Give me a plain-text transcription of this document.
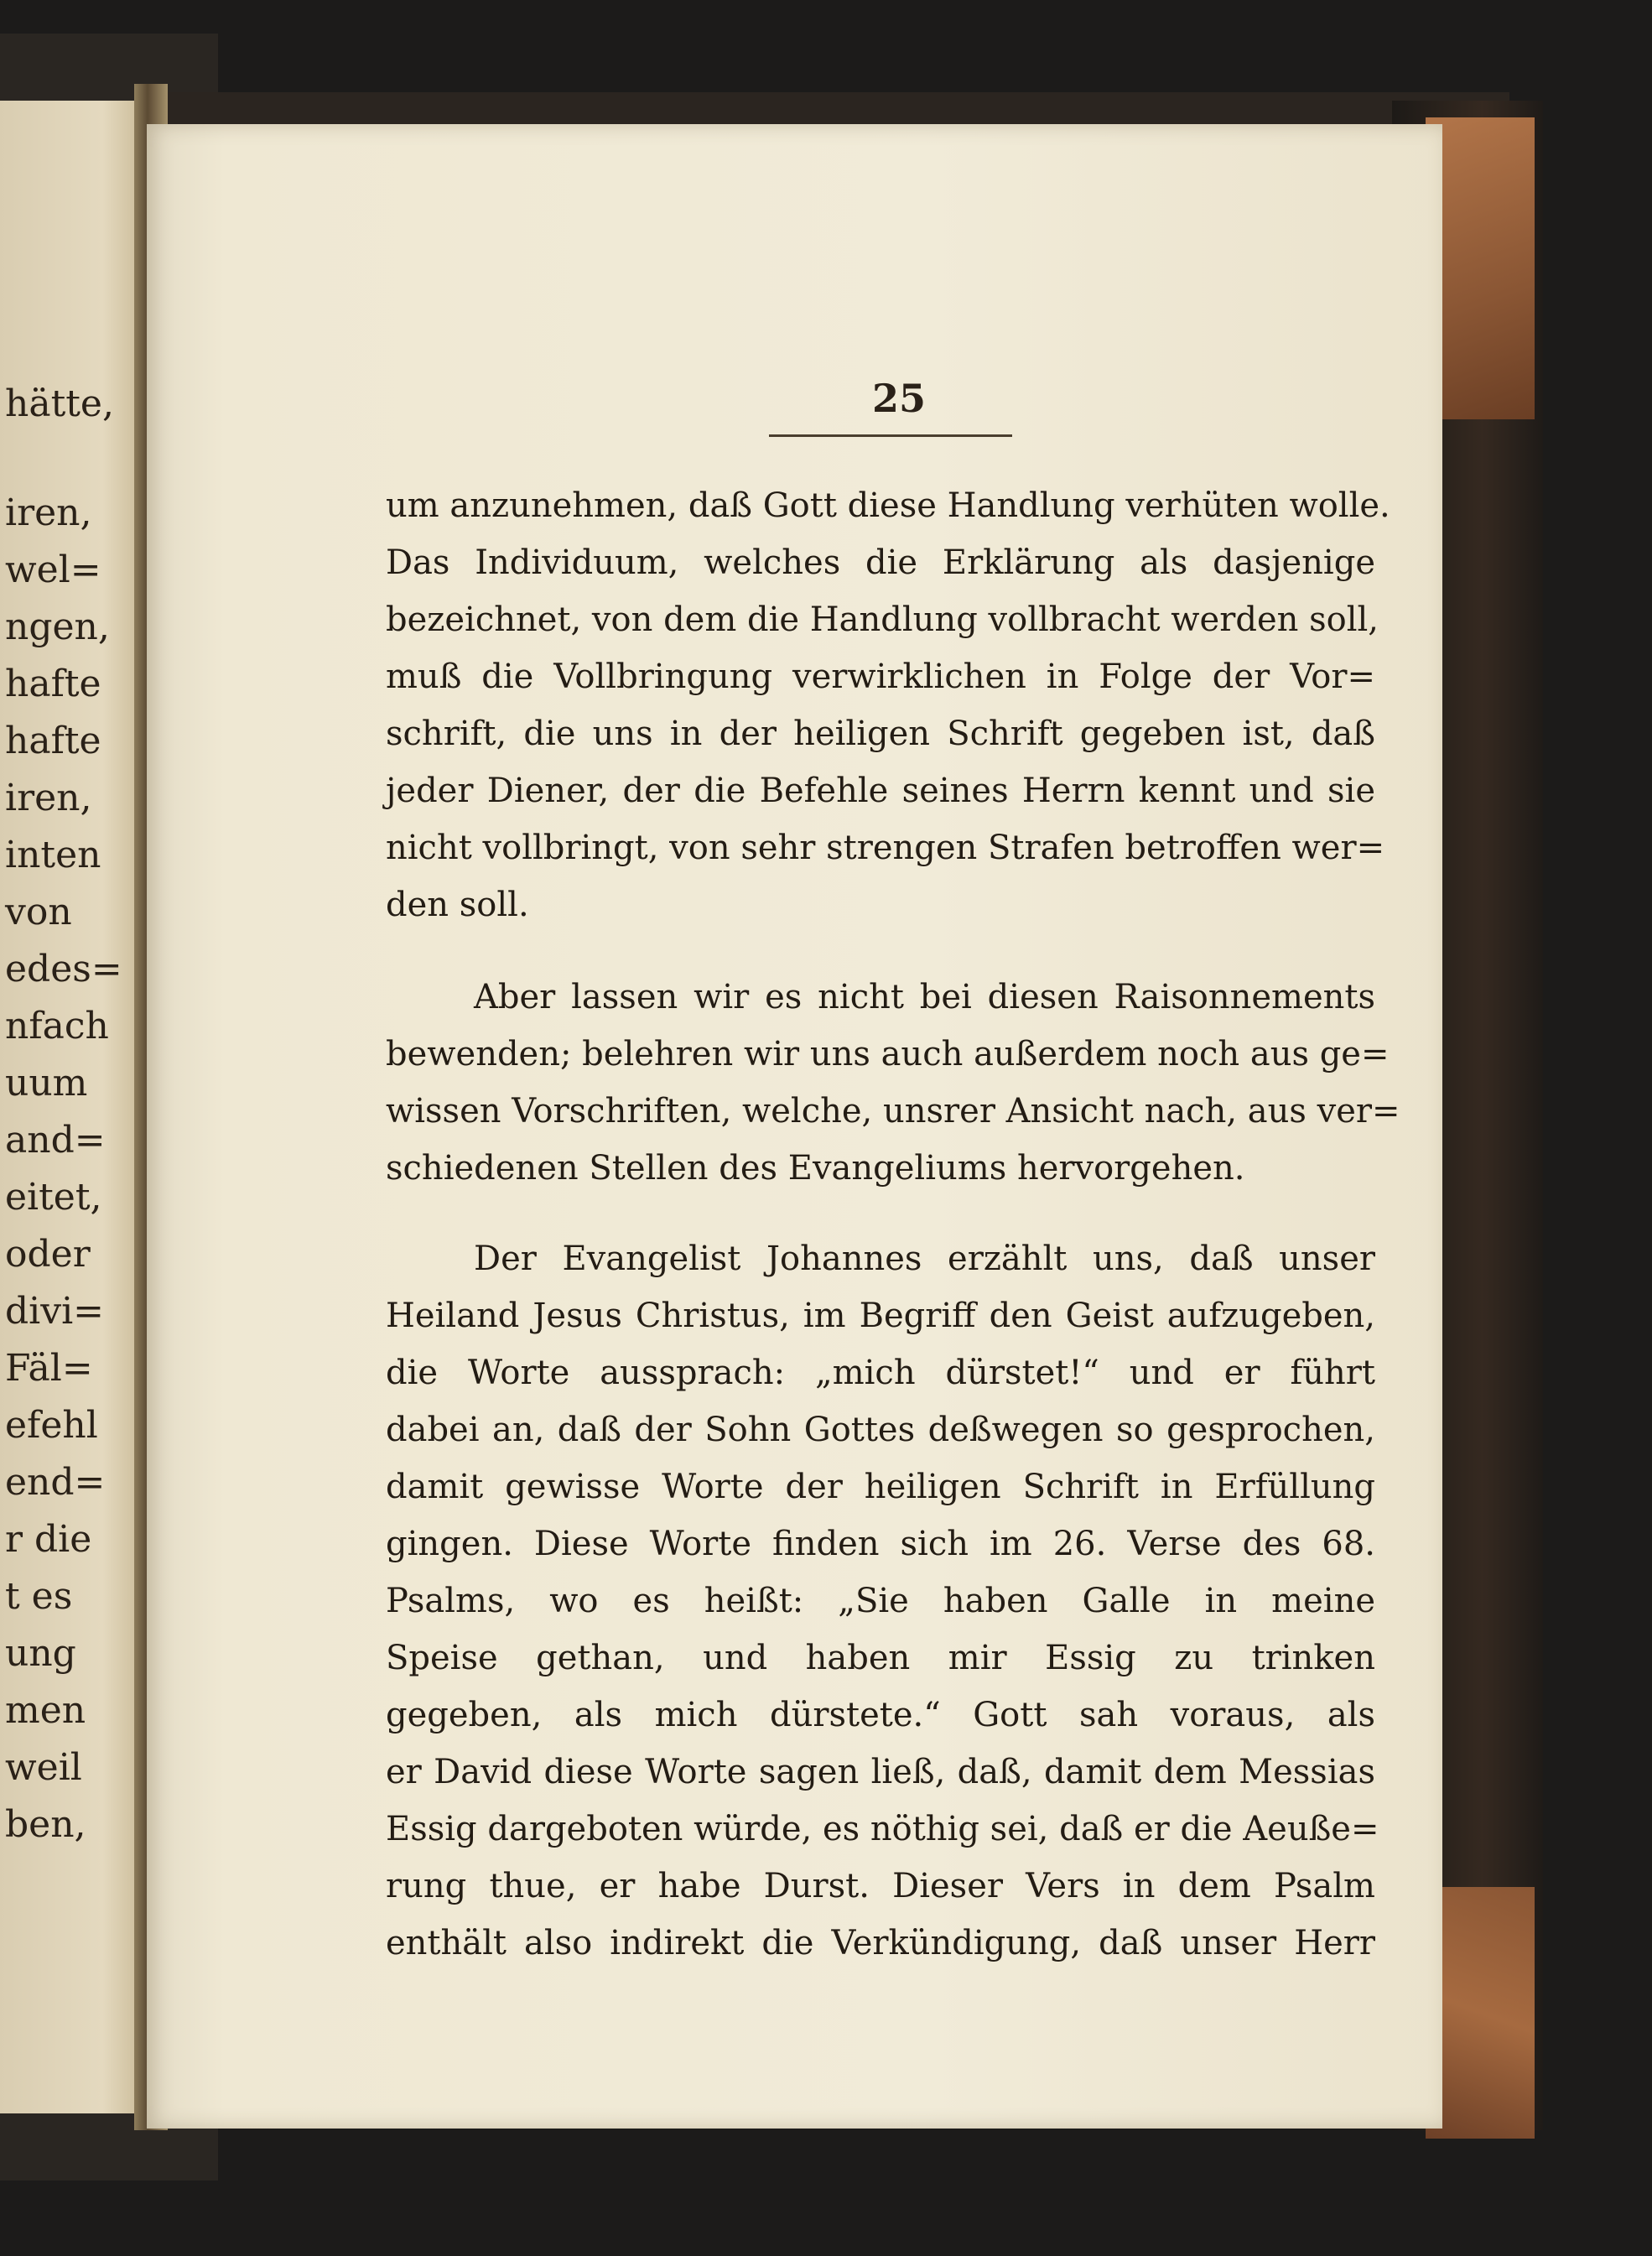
hätte,
iren,
wel=
ngen,
hafte
hafte
iren,
inten
von
edes=
nfach
uum
and=
eitet,
oder
divi=
Fäl=
efehl
end=
r die
t es
ung
men
weil
ben,
25
um anzunehmen, daß Gott diese Handlung verhüten wolle.
Das Individuum, welches die Erklärung als dasjenige
bezeichnet, von dem die Handlung vollbracht werden soll,
muß die Vollbringung verwirklichen in Folge der Vor=
schrift, die uns in der heiligen Schrift gegeben ist, daß
jeder Diener, der die Befehle seines Herrn kennt und sie
nicht vollbringt, von sehr strengen Strafen betroffen wer=
den soll.
Aber lassen wir es nicht bei diesen Raisonnements
bewenden; belehren wir uns auch außerdem noch aus ge=
wissen Vorschriften, welche, unsrer Ansicht nach, aus ver=
schiedenen Stellen des Evangeliums hervorgehen.
Der Evangelist Johannes erzählt uns, daß unser
Heiland Jesus Christus, im Begriff den Geist aufzugeben,
die Worte aussprach: „mich dürstet!“ und er führt
dabei an, daß der Sohn Gottes deßwegen so gesprochen,
damit gewisse Worte der heiligen Schrift in Erfüllung
gingen. Diese Worte finden sich im 26. Verse des 68.
Psalms, wo es heißt: „Sie haben Galle in meine
Speise gethan, und haben mir Essig zu trinken
gegeben, als mich dürstete.“ Gott sah voraus, als
er David diese Worte sagen ließ, daß, damit dem Messias
Essig dargeboten würde, es nöthig sei, daß er die Aeuße=
rung thue, er habe Durst. Dieser Vers in dem Psalm
enthält also indirekt die Verkündigung, daß unser Herr
